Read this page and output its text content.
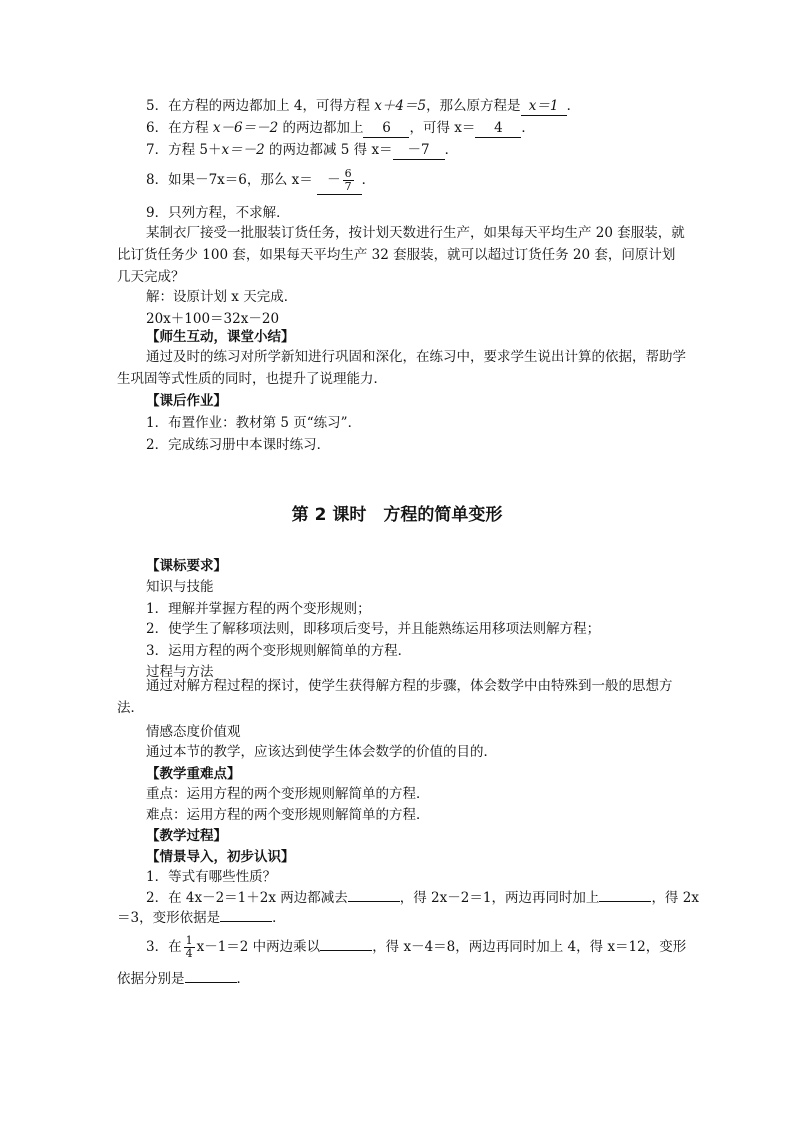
5．在方程的两边都加上 4，可得方程 x＋4＝5，那么原方程是 x＝1 ．
6．在方程 x－6＝－2 的两边都加上 6 ，可得 x＝ 4 ．
7．方程 5＋x＝－2 的两边都减 5 得 x＝ －7 ．
8．如果－7x＝6，那么 $x= - \frac{6}{7}$ ．
9．只列方程，不求解．
某制衣厂接受一批服装订货任务，按计划天数进行生产，如果每天平均生产 20 套服装，就比订货任务少 100 套，如果每天平均生产 32 套服装，就可以超过订货任务 20 套，问原计划几天完成？
解：设原计划 x 天完成．
20x＋100＝32x－20
【师生互动，课堂小结】
通过及时的练习对所学新知进行巩固和深化，在练习中，要求学生说出计算的依据，帮助学生巩固等式性质的同时，也提升了说理能力．
【课后作业】
1．布置作业：教材第 5 页“练习”．
2．完成练习册中本课时练习．
第 2 课时　方程的简单变形
【课标要求】
知识与技能
1．理解并掌握方程的两个变形规则；
2．使学生了解移项法则，即移项后变号，并且能熟练运用移项法则解方程；
3．运用方程的两个变形规则解简单的方程．
过程与方法
通过对解方程过程的探讨，使学生获得解方程的步骤，体会数学中由特殊到一般的思想方法．
情感态度价值观
通过本节的教学，应该达到使学生体会数学的价值的目的．
【教学重难点】
重点：运用方程的两个变形规则解简单的方程．
难点：运用方程的两个变形规则解简单的方程．
【教学过程】
【情景导入，初步认识】
1．等式有哪些性质？
2．在 4x－2＝1＋2x 两边都减去	，得 2x－2＝1，两边再同时加上	，得 2x
＝3，变形依据是	．
3．在 $\frac{1}{4} x-1=2$ 中两边乘以	，得 x－4＝8，两边再同时加上 4，得 x＝12，变形
依据分别是	．
